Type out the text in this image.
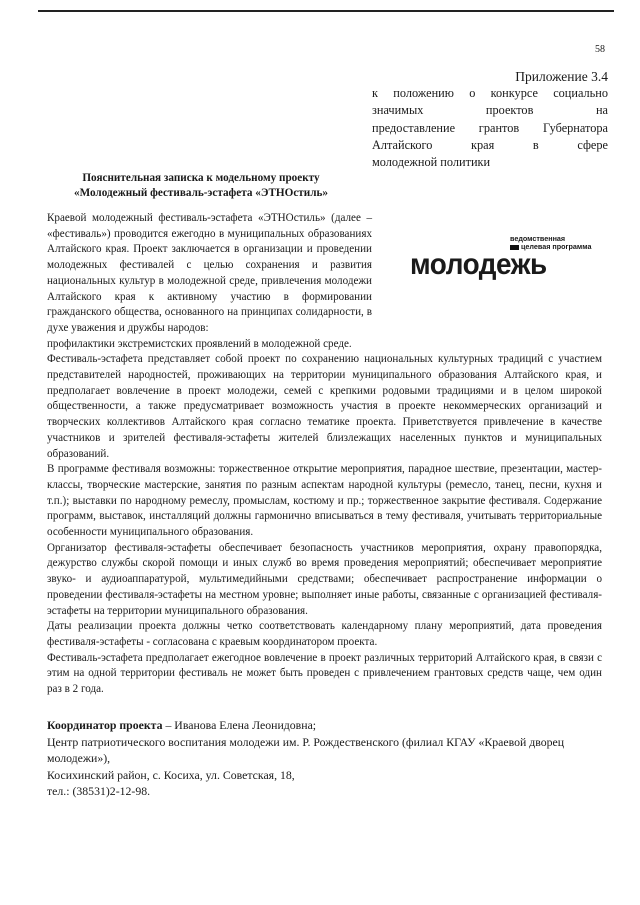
58
Приложение 3.4
к положению о конкурсе социально
значимых проектов на
предоставление грантов Губернатора
Алтайского края в сфере
молодежной политики
Пояснительная записка к модельному проекту
«Молодежный фестиваль-эстафета «ЭТНОстиль»
ведомственная
целевая программа
молодежь

Краевой молодежный фестиваль-эстафета «ЭТНОстиль» (далее – «фестиваль») проводится ежегодно в муниципальных образованиях Алтайского края. Проект заключается в организации и проведении молодежных фестивалей с целью сохранения и развития национальных культур в молодежной среде, привлечения молодежи Алтайского края к активному участию в формировании гражданского общества, основанного на принципах солидарности, в духе уважения и дружбы народов:

профилактики экстремистских проявлений в молодежной среде.

Фестиваль-эстафета представляет собой проект по сохранению национальных культурных традиций с участием представителей народностей, проживающих на территории муниципального образования Алтайского края, и предполагает вовлечение в проект молодежи, семей с крепкими родовыми традициями и в целом широкой общественности, а также предусматривает возможность участия в проекте некоммерческих организаций и творческих коллективов Алтайского края согласно тематике проекта. Приветствуется привлечение в качестве участников и зрителей фестиваля-эстафеты жителей близлежащих населенных пунктов и муниципальных образований.

В программе фестиваля возможны: торжественное открытие мероприятия, парадное шествие, презентации, мастер-классы, творческие мастерские, занятия по разным аспектам народной культуры (ремесло, танец, песни, кухня и т.п.); выставки по народному ремеслу, промыслам, костюму и пр.; торжественное закрытие фестиваля. Содержание программ, выставок, инсталляций должны гармонично вписываться в тему фестиваля, учитывать территориальные особенности муниципального образования.

Организатор фестиваля-эстафеты обеспечивает безопасность участников мероприятия, охрану правопорядка, дежурство службы скорой помощи и иных служб во время проведения мероприятий; обеспечивает мероприятие звуко- и аудиоаппаратурой, мультимедийными средствами; обеспечивает распространение информации о проведении фестиваля-эстафеты на местном уровне; выполняет иные работы, связанные с организацией фестиваля-эстафеты на территории муниципального образования.

Даты реализации проекта должны четко соответствовать календарному плану мероприятий, дата проведения фестиваля-эстафеты - согласована с краевым координатором проекта.

Фестиваль-эстафета предполагает ежегодное вовлечение в проект различных территорий Алтайского края, в связи с этим на одной территории фестиваль не может быть проведен с привлечением грантовых средств чаще, чем один раз в 2 года.

Координатор проекта – Иванова Елена Леонидовна;

Центр патриотического воспитания молодежи им. Р. Рождественского (филиал КГАУ «Краевой дворец молодежи»),

Косихинский район, с. Косиха, ул. Советская, 18,

тел.: (38531)2-12-98.
